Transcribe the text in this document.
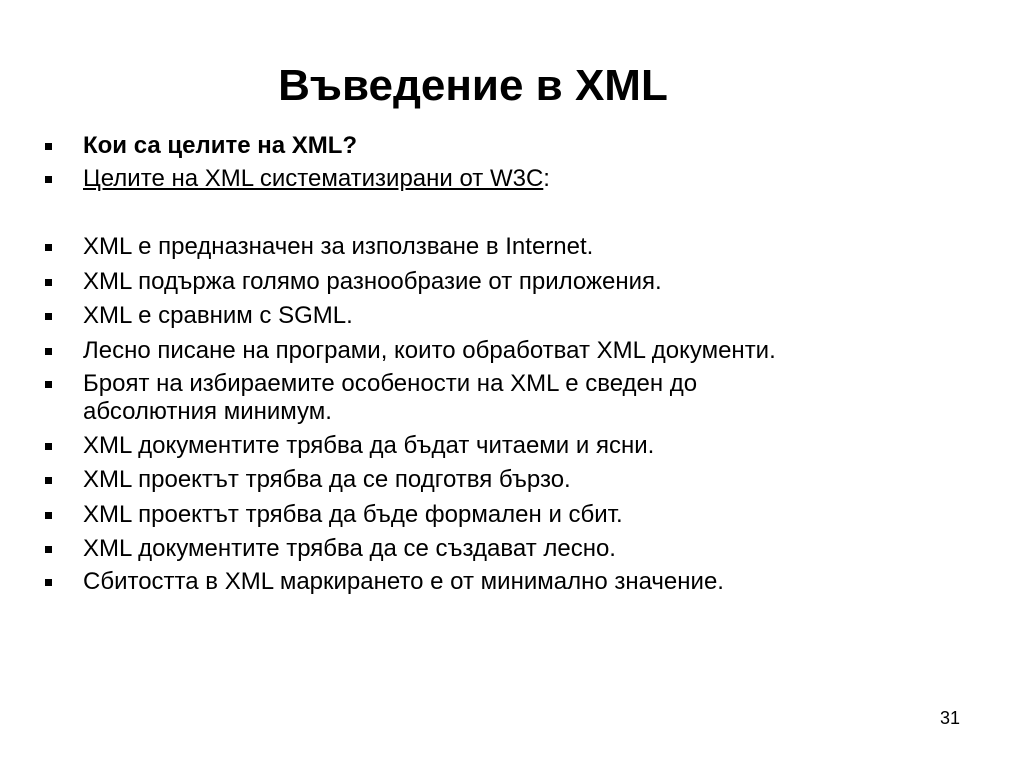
Въведение в XML
Кои са целите на XML?
Целите на XML систематизирани от W3C:
XML е предназначен за използване в Internet.
XML подържа голямо разнообразие от приложения.
XML е сравним с SGML.
Лесно писане на програми, които обработват XML документи.
Броят на избираемите особености на XML е сведен до
абсолютния минимум.
XML документите трябва да бъдат читаеми и ясни.
XML проектът трябва да се подготвя бързо.
XML проектът трябва да бъде формален и сбит.
XML документите трябва да се създават лесно.
Сбитостта в XML маркирането е от минимално значение.
31
